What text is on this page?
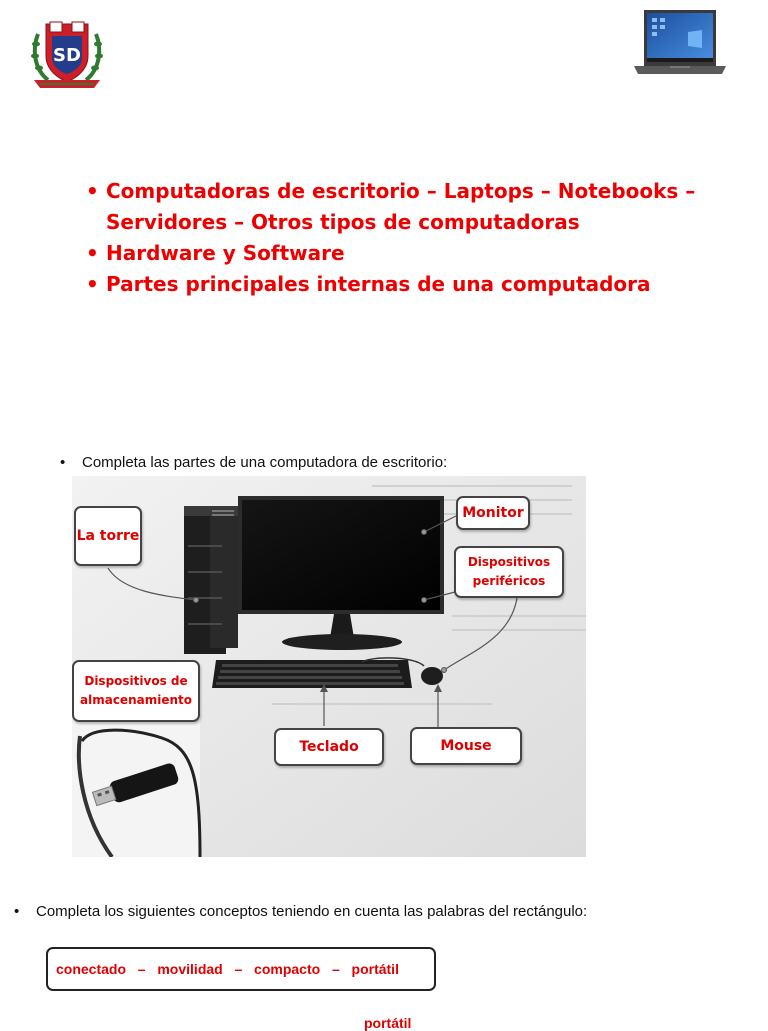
SD
• Computadoras de escritorio – Laptops – Notebooks – Servidores – Otros tipos de computadoras
• Hardware y Software
• Partes principales internas de una computadora
• Completa las partes de una computadora de escritorio:
La torre
Monitor
Dispositivos
periféricos
Dispositivos de
almacenamiento
Teclado	Mouse
• Completa los siguientes conceptos teniendo en cuenta las palabras del rectángulo:
conectado  –  movilidad  –  compacto  –  portátil
portátil
